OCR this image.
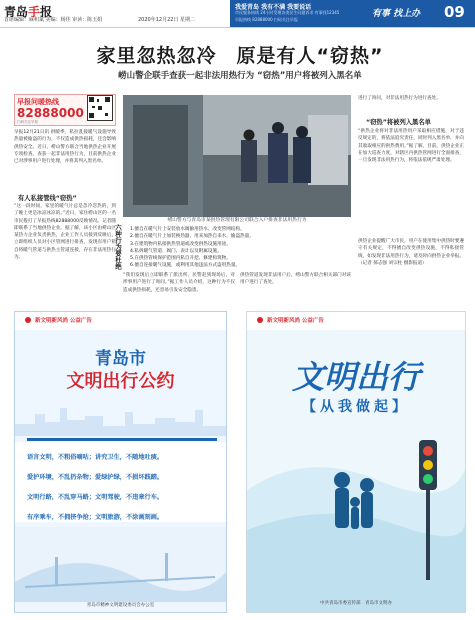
青岛手报
首席编辑：麻积斌 美编：杨佳 审读：陈玉娟	2020年12月22日 星期二
我爱青岛 我有不满 我要说话
市民服务热线 24小时受理各类民生问题诉求 有事找12345
早报热线 82888000 扫码关注早报
有事 找上办 09
家里忽热忽冷　原是有人“窃热”
崂山警企联手查获一起非法用热行为 “窃热”用户将被列入黑名单
早报问暖热线
82888000
扫码关注早报
早报12月21日讯 供暖季，私拉乱接暖气设施导致热量被偷盗的行为，不仅造成供热损耗，还会影响供热安全。近日，崂山警方联合当地供热企业开展专项检查，查获一起非法用热行为，目前供热企业已对涉事用户进行处理，并将其列入黑名单。
有人私接管线“窃热”
“这一段时间，家里的暖气片总是忽冷忽热的，到了晚上更是冰凉冰凉的。”近日，家住崂山区的一名市民拨打了早报热线82888000反映情况。记者随即联系了当地供热企业。据了解，该小区由崂山区某热力企业负责供热，企业工作人员接到反映后，立即组织人员对小区管网进行排查，发现有用户私自将暖气管道与供热主管道连接，存在非法用热行为。
崂山警方与青岛市某供热管理有限公司联合入户排查非法用热行为
六种行为要杜绝 1.擅自在暖气片上安装放水阀偷用热水、改变管网结构。
2.擅自在暖气片上加装换热器，用来加热自来水，偷盗热量。
3.在建筑物内私接供热管道或改变供热设施用途。
4.私拆暖气管道、阀门、表计以及附属设施。
5.在供热管线保护范围内私自开挖、修建构筑物。
6.擅自连接暖气设施，或利用其他违法方式盗用热量。
“我们发现后立即联系了派出所，民警赶到现场后，对涉事用户进行了询问。”据工作人员介绍，这种行为不仅造成供热损耗，还容易引发安全隐患。
供热管道发现非法用户后，崂山警方联合相关部门对该用户进行了查处。
进行了询问，对非法用热行为进行查处。
“窃热”将被列入黑名单
“供热企业将对非法用热用户采取相应措施，对于违反规定的，将依法追究责任，同时列入黑名单，并向其收取相应的供热费用。”据了解，目前，供热企业正在加大巡查力度，对辖区内供热管网进行全面排查，一旦发现非法用热行为，将依法依规严肃处理。
供热企业提醒广大市民，用户在使用集中供热时要遵守有关规定，不得擅自改变供热设施，不得私接管线，如发现非法用热行为，请及时向供热企业举报。（记者 郝志强 刘宗柱 摄影报道）
新文明新风尚 公益广告
青岛市
文明出行公约
语言文明，不粗俗嘀咕；讲究卫生，不随地吐痰。
爱护环境，不乱扔杂物；爱绿护绿，不损坏践踏。
文明行路，不乱穿马路；文明驾驶，不违章行车。
有序乘车，不拥挤争抢；文明旅游，不涂画刻画。
青岛市精神文明建设委员会办公室
新文明新风尚 公益广告
文明出行
【从我做起】
中共青岛市委宣传部　青岛市文明办
